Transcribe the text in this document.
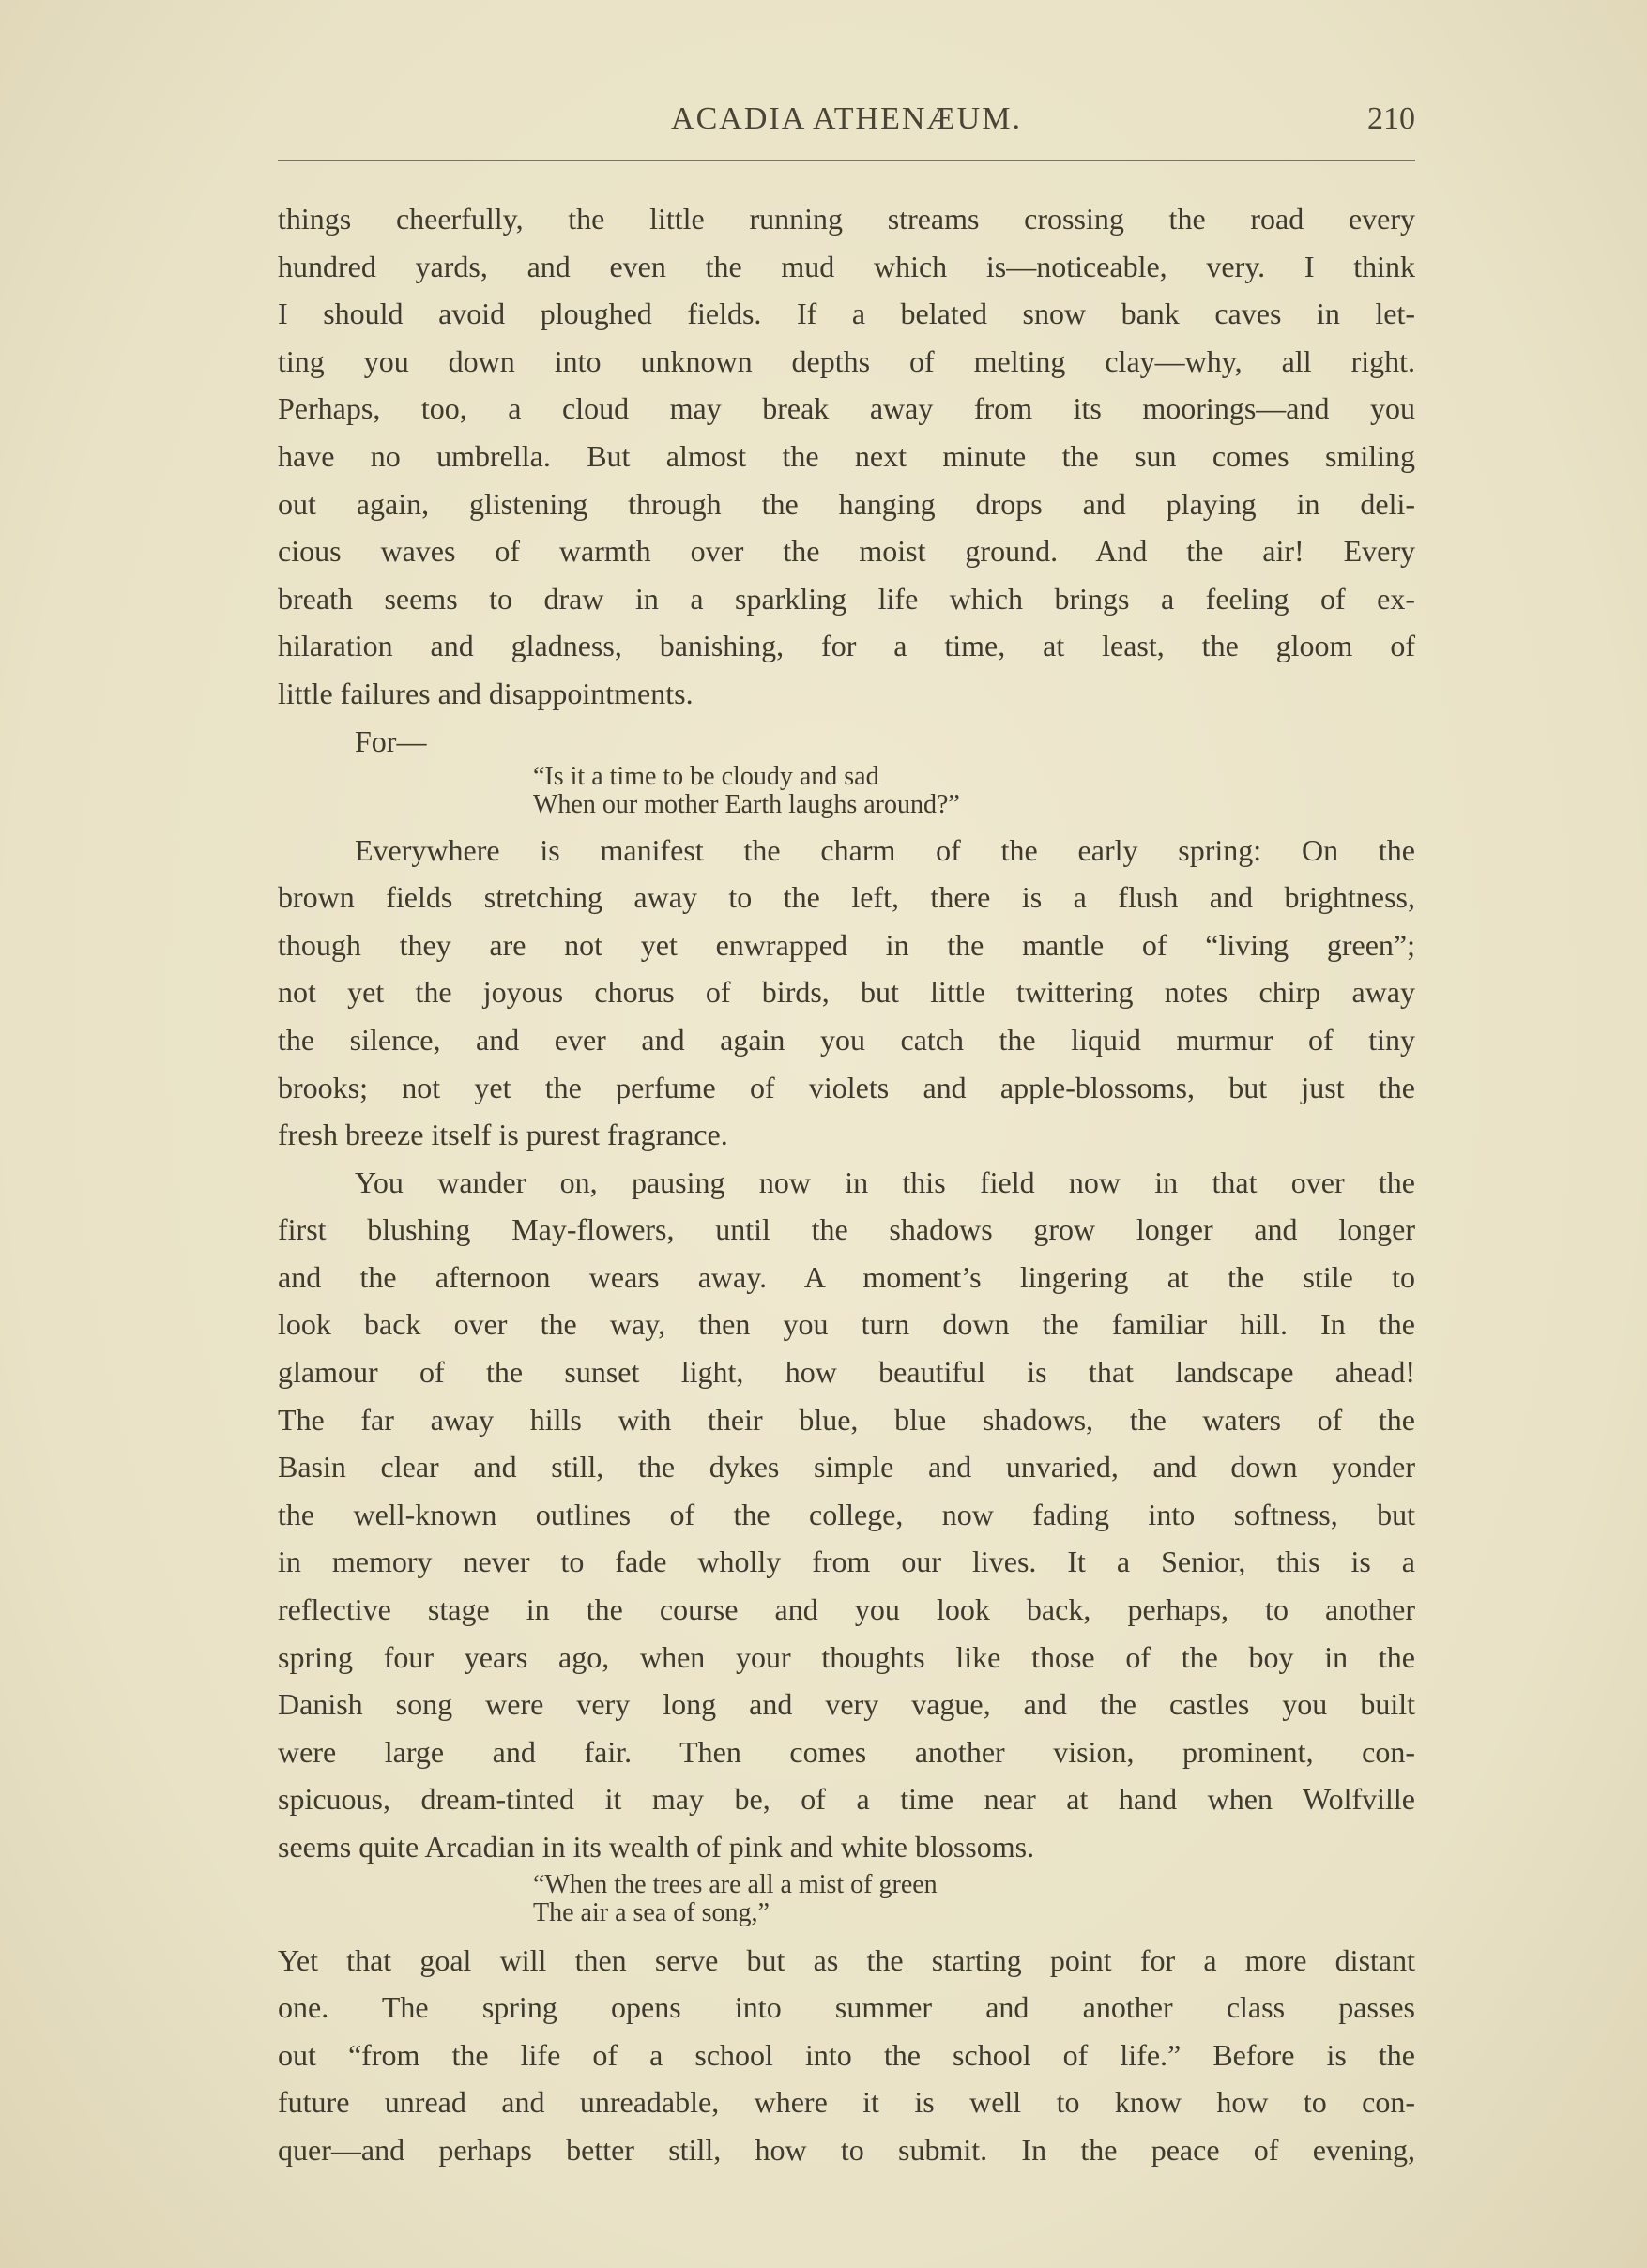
ACADIA ATHENÆUM.	210
things cheerfully, the little running streams crossing the road every
hundred yards, and even the mud which is—noticeable, very. I think
I should avoid ploughed fields. If a belated snow bank caves in let-
ting you down into unknown depths of melting clay—why, all right.
Perhaps, too, a cloud may break away from its moorings—and you
have no umbrella. But almost the next minute the sun comes smiling
out again, glistening through the hanging drops and playing in deli-
cious waves of warmth over the moist ground. And the air! Every
breath seems to draw in a sparkling life which brings a feeling of ex-
hilaration and gladness, banishing, for a time, at least, the gloom of
little failures and disappointments.
For—
“Is it a time to be cloudy and sad
When our mother Earth laughs around?”
Everywhere is manifest the charm of the early spring: On the
brown fields stretching away to the left, there is a flush and brightness,
though they are not yet enwrapped in the mantle of “living green”;
not yet the joyous chorus of birds, but little twittering notes chirp away
the silence, and ever and again you catch the liquid murmur of tiny
brooks; not yet the perfume of violets and apple-blossoms, but just the
fresh breeze itself is purest fragrance.
You wander on, pausing now in this field now in that over the
first blushing May-flowers, until the shadows grow longer and longer
and the afternoon wears away. A moment’s lingering at the stile to
look back over the way, then you turn down the familiar hill. In the
glamour of the sunset light, how beautiful is that landscape ahead!
The far away hills with their blue, blue shadows, the waters of the
Basin clear and still, the dykes simple and unvaried, and down yonder
the well-known outlines of the college, now fading into softness, but
in memory never to fade wholly from our lives. It a Senior, this is a
reflective stage in the course and you look back, perhaps, to another
spring four years ago, when your thoughts like those of the boy in the
Danish song were very long and very vague, and the castles you built
were large and fair. Then comes another vision, prominent, con-
spicuous, dream-tinted it may be, of a time near at hand when Wolfville
seems quite Arcadian in its wealth of pink and white blossoms.
“When the trees are all a mist of green
The air a sea of song,”
Yet that goal will then serve but as the starting point for a more distant
one. The spring opens into summer and another class passes
out “from the life of a school into the school of life.” Before is the
future unread and unreadable, where it is well to know how to con-
quer—and perhaps better still, how to submit. In the peace of evening,
